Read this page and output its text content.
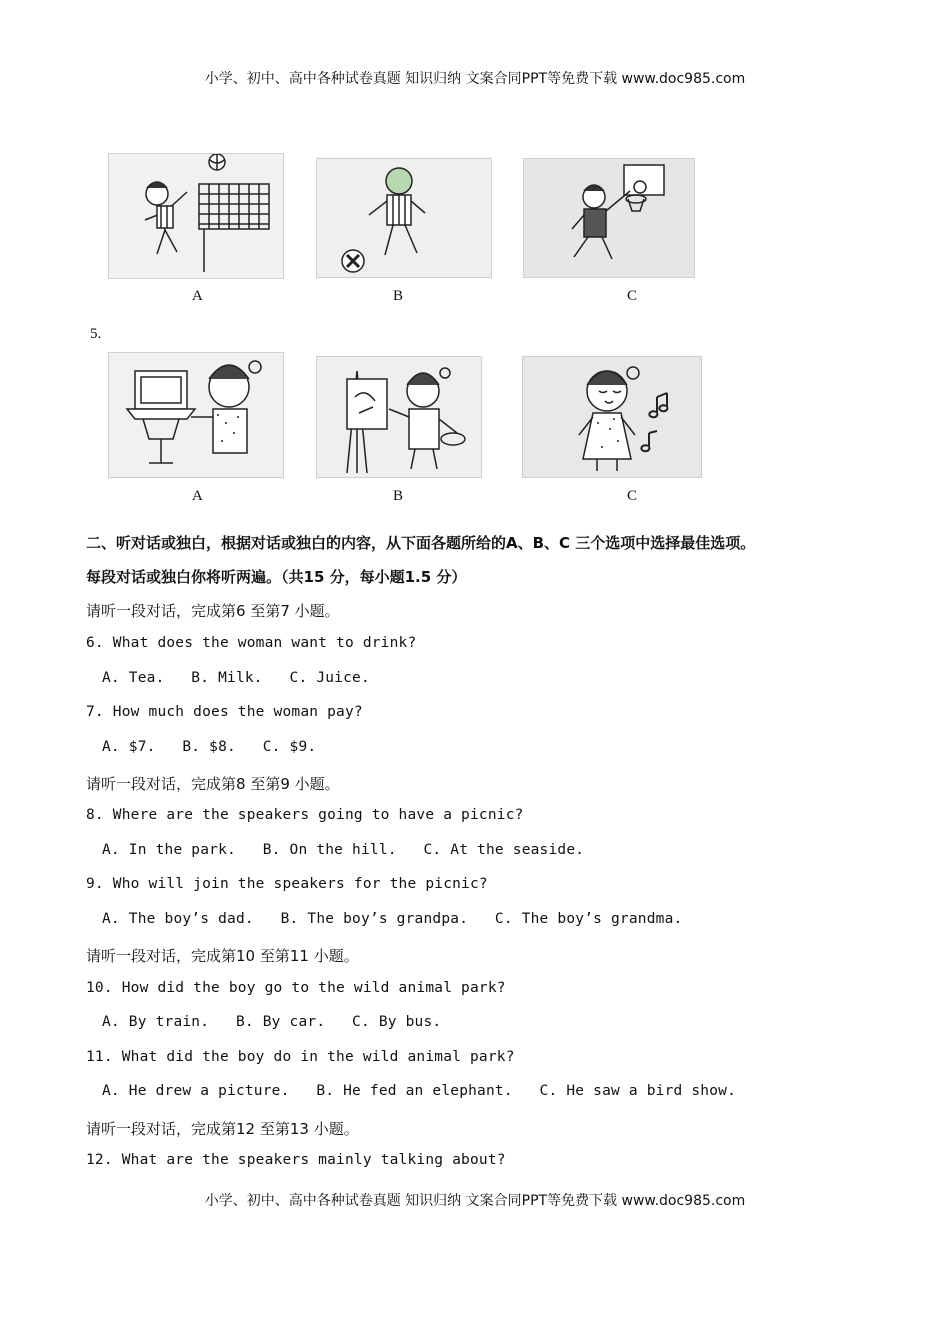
小学、初中、高中各种试卷真题 知识归纳 文案合同PPT等免费下载 www.doc985.com
A	B	C
5.
A	B	C
二、听对话或独白，根据对话或独白的内容，从下面各题所给的A、B、C 三个选项中选择最佳选项。
每段对话或独白你将听两遍。（共15 分，每小题1.5 分）
请听一段对话，完成第6 至第7 小题。
6. What does the woman want to drink?
A. Tea.   B. Milk.   C. Juice.
7. How much does the woman pay?
A. $7.   B. $8.   C. $9.
请听一段对话，完成第8 至第9 小题。
8. Where are the speakers going to have a picnic?
A. In the park.   B. On the hill.   C. At the seaside.
9. Who will join the speakers for the picnic?
A. The boy’s dad.   B. The boy’s grandpa.   C. The boy’s grandma.
请听一段对话，完成第10 至第11 小题。
10. How did the boy go to the wild animal park?
A. By train.   B. By car.   C. By bus.
11. What did the boy do in the wild animal park?
A. He drew a picture.   B. He fed an elephant.   C. He saw a bird show.
请听一段对话，完成第12 至第13 小题。
12. What are the speakers mainly talking about?
小学、初中、高中各种试卷真题 知识归纳 文案合同PPT等免费下载 www.doc985.com
